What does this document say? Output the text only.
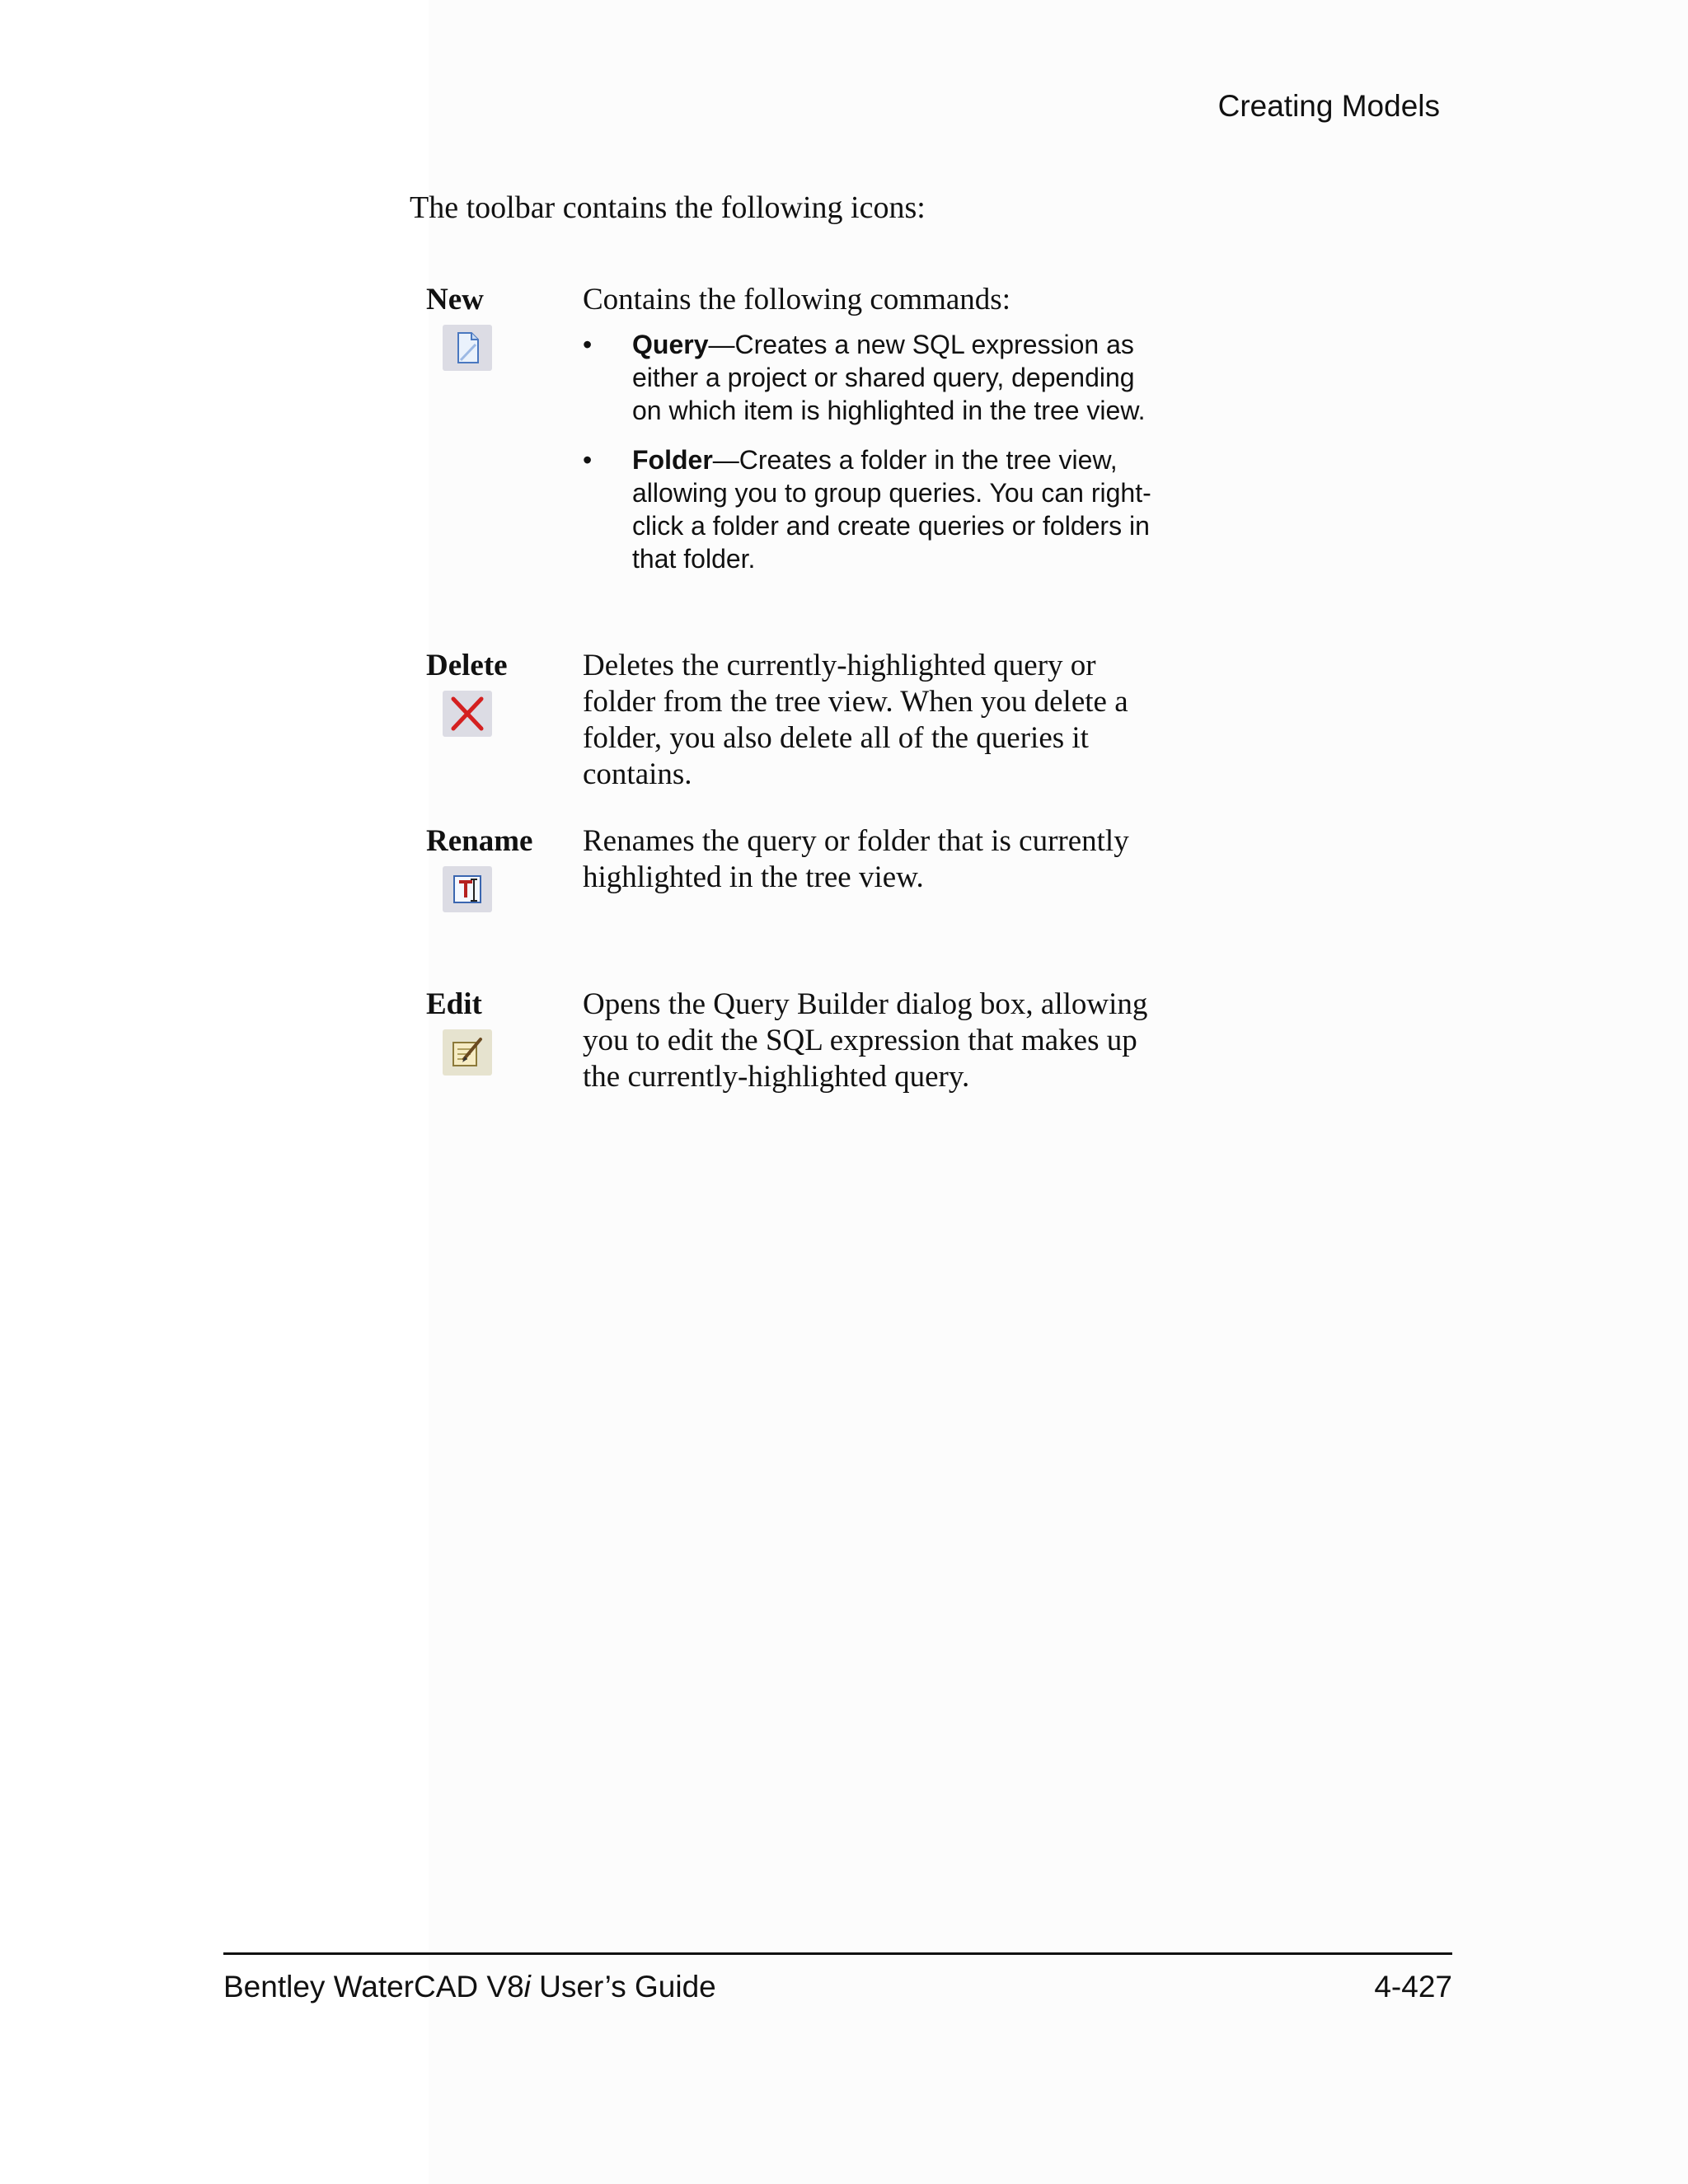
Creating Models
The toolbar contains the following icons:
New	Contains the following commands:
• Query—Creates a new SQL expression as either a project or shared query, depending on which item is highlighted in the tree view.
• Folder—Creates a folder in the tree view, allowing you to group queries. You can right-click a folder and create queries or folders in that folder.
Delete Deletes the currently-highlighted query or folder from the tree view. When you delete a folder, you also delete all of the queries it contains.
Rename Renames the query or folder that is currently highlighted in the tree view.
Edit	Opens the Query Builder dialog box, allowing you to edit the SQL expression that makes up the currently-highlighted query.
Bentley WaterCAD V8i User’s Guide	4-427
